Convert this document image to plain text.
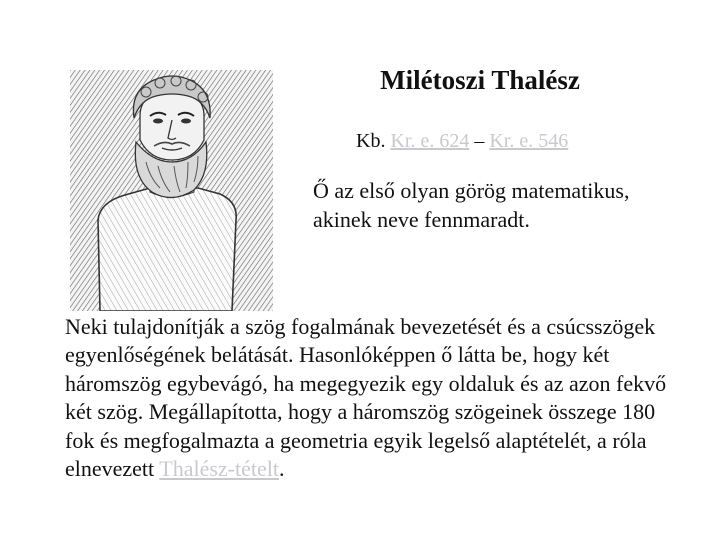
Milétoszi Thalész
Kb. Kr. e. 624 – Kr. e. 546
Ő az első olyan görög matematikus, akinek neve fennmaradt.
Neki tulajdonítják a szög fogalmának bevezetését és a csúcsszögek egyenlőségének belátását. Hasonlóképpen ő látta be, hogy két háromszög egybevágó, ha megegyezik egy oldaluk és az azon fekvő két szög. Megállapította, hogy a háromszög szögeinek összege 180 fok és megfogalmazta a geometria egyik legelső alaptételét, a róla elnevezett Thalész-tételt.
